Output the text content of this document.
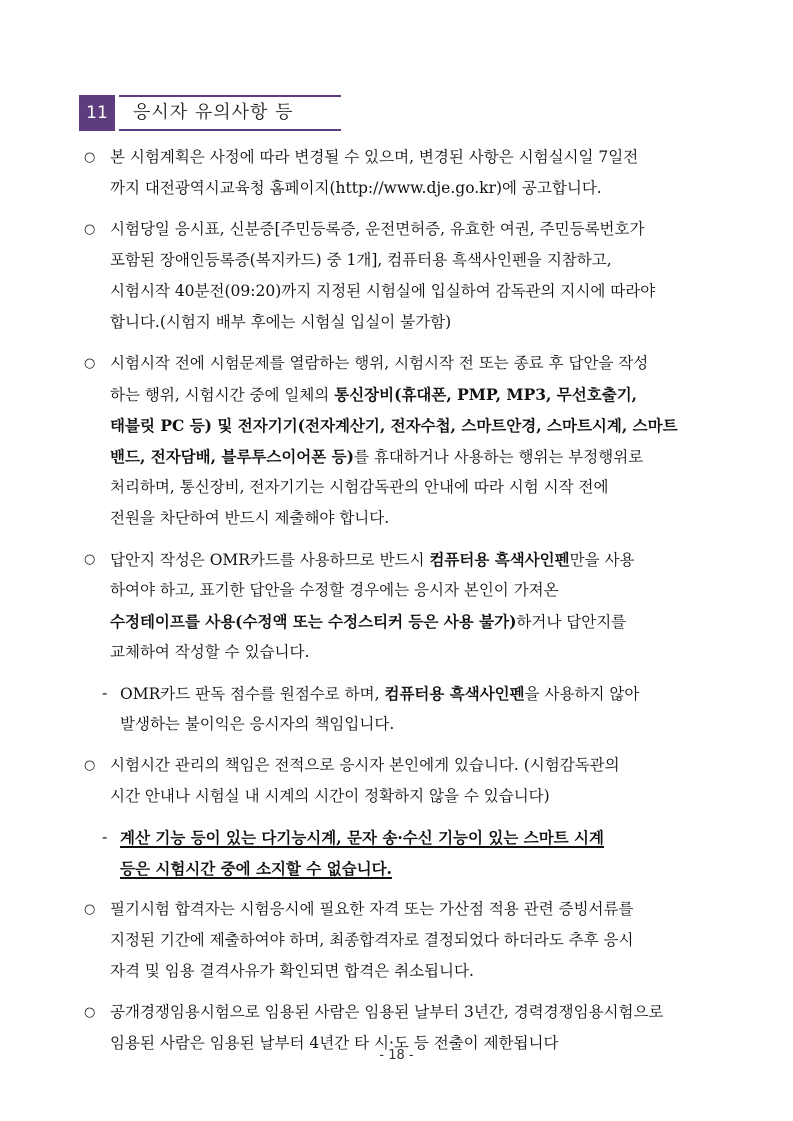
11	응시자 유의사항 등
○ 본 시험계획은 사정에 따라 변경될 수 있으며, 변경된 사항은 시험실시일 7일전
까지 대전광역시교육청 홈페이지(http://www.dje.go.kr)에 공고합니다.
○ 시험당일 응시표, 신분증[주민등록증, 운전면허증, 유효한 여권, 주민등록번호가
포함된 장애인등록증(복지카드) 중 1개], 컴퓨터용 흑색사인펜을 지참하고,
시험시작 40분전(09:20)까지 지정된 시험실에 입실하여 감독관의 지시에 따라야
합니다.(시험지 배부 후에는 시험실 입실이 불가함)
○ 시험시작 전에 시험문제를 열람하는 행위, 시험시작 전 또는 종료 후 답안을 작성
하는 행위, 시험시간 중에 일체의 통신장비(휴대폰, PMP, MP3, 무선호출기,
태블릿 PC 등) 및 전자기기(전자계산기, 전자수첩, 스마트안경, 스마트시계, 스마트
밴드, 전자담배, 블루투스이어폰 등)를 휴대하거나 사용하는 행위는 부정행위로
처리하며, 통신장비, 전자기기는 시험감독관의 안내에 따라 시험 시작 전에
전원을 차단하여 반드시 제출해야 합니다.
○ 답안지 작성은 OMR카드를 사용하므로 반드시 컴퓨터용 흑색사인펜만을 사용
하여야 하고, 표기한 답안을 수정할 경우에는 응시자 본인이 가져온
수정테이프를 사용(수정액 또는 수정스티커 등은 사용 불가)하거나 답안지를
교체하여 작성할 수 있습니다.
- OMR카드 판독 점수를 원점수로 하며, 컴퓨터용 흑색사인펜을 사용하지 않아
발생하는 불이익은 응시자의 책임입니다.
○ 시험시간 관리의 책임은 전적으로 응시자 본인에게 있습니다. (시험감독관의
시간 안내나 시험실 내 시계의 시간이 정확하지 않을 수 있습니다)
- 계산 기능 등이 있는 다기능시계, 문자 송·수신 기능이 있는 스마트 시계
등은 시험시간 중에 소지할 수 없습니다.
○ 필기시험 합격자는 시험응시에 필요한 자격 또는 가산점 적용 관련 증빙서류를
지정된 기간에 제출하여야 하며, 최종합격자로 결정되었다 하더라도 추후 응시
자격 및 임용 결격사유가 확인되면 합격은 취소됩니다.
○ 공개경쟁임용시험으로 임용된 사람은 임용된 날부터 3년간, 경력경쟁임용시험으로
임용된 사람은 임용된 날부터 4년간 타 시·도 등 전출이 제한됩니다
- 18 -
